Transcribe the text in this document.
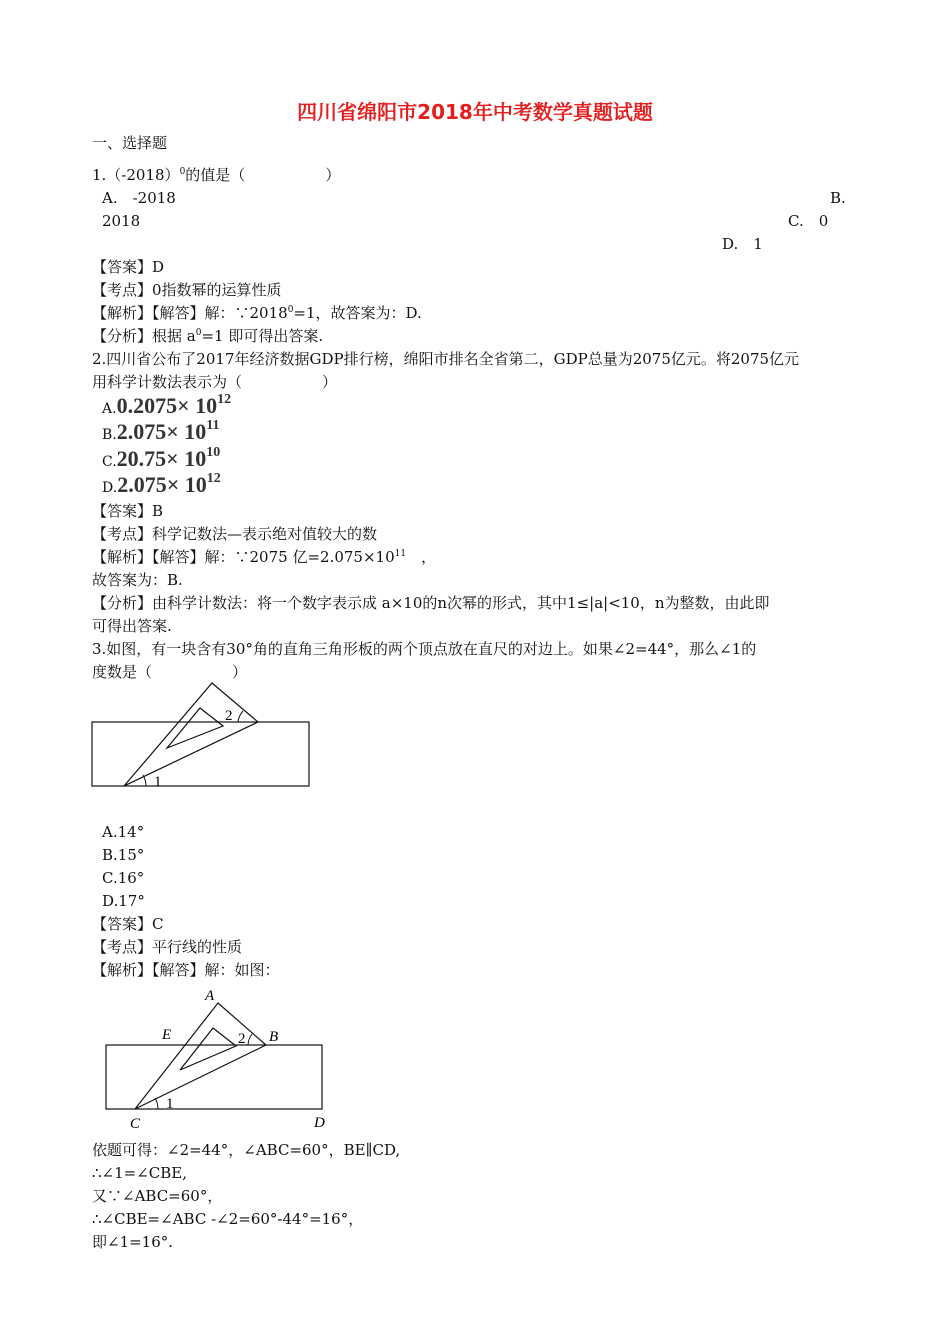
四川省绵阳市2018年中考数学真题试题
一、选择题
$1.(-2018)^0$的值是（	）
A.　-2018	B.
2018	C.　0
D.　1
【答案】D
【考点】0指数幂的运算性质
【解析】【解答】解：$\because 2018^0=1$，故答案为：D.
【分析】根据 $a^0=1$ 即可得出答案.
2.四川省公布了2017年经济数据GDP排行榜，绵阳市排名全省第二，GDP总量为2075亿元。将2075亿元
用科学计数法表示为（	）
$A.0.2075\times 10^{12}$
$B.2.075\times 10^{11}$
$C.20.75\times 10^{10}$
$D.2.075\times 10^{12}$
【答案】B
【考点】科学记数法—表示绝对值较大的数
【解析】【解答】解：∵2075 亿$=2.075\times 10^{11}$　，
故答案为：B.
【分析】由科学计数法：将一个数字表示成 a×10的n次幂的形式，其中1≤|a|<10，n为整数，由此即
可得出答案.
3.如图，有一块含有30°角的直角三角形板的两个顶点放在直尺的对边上。如果∠2=44°，那么∠1的
度数是（	）
1
2
A.14°
B.15°
C.16°
D.17°
【答案】C
【考点】平行线的性质
【解析】【解答】解：如图：
A
E	B
C	D
1
2
依题可得：∠2=44°，∠ABC=60°，BE∥CD,
∴∠1=∠CBE,
又∵∠ABC=60°，
∴∠CBE=∠ABC -∠2=60°-44°=16°，
即∠1=16°.
